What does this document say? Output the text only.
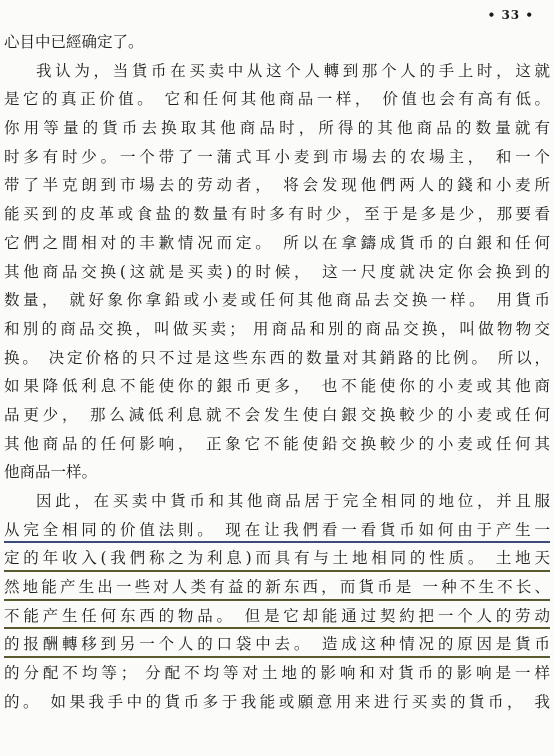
• 33 •
心目中已經确定了。
我认为，当貨币在买卖中从这个人轉到那个人的手上时，这就
是它的真正价值。 它和任何其他商品一样， 价值也会有高有低。
你用等量的貨币去换取其他商品时，所得的其他商品的数量就有
时多有时少。一个带了一蒲式耳小麦到市場去的农場主， 和一个
带了半克朗到市場去的劳动者， 将会发现他們两人的錢和小麦所
能买到的皮革或食盐的数量有时多有时少，至于是多是少，那要看
它們之間相对的丰歉情况而定。 所以在拿鑄成貨币的白銀和任何
其他商品交换(这就是买卖)的时候， 这一尺度就决定你会换到的
数量， 就好象你拿鉛或小麦或任何其他商品去交换一样。 用貨币
和別的商品交换，叫做买卖； 用商品和別的商品交换，叫做物物交
换。 决定价格的只不过是这些东西的数量对其銷路的比例。 所以，
如果降低利息不能使你的銀币更多， 也不能使你的小麦或其他商
品更少， 那么減低利息就不会发生使白銀交换較少的小麦或任何
其他商品的任何影响， 正象它不能使鉛交换較少的小麦或任何其
他商品一样。
因此，在买卖中貨币和其他商品居于完全相同的地位，并且服
从完全相同的价值法則。 现在让我們看一看貨币如何由于产生一
定的年收入(我們称之为利息)而具有与土地相同的性质。 土地天
然地能产生出一些对人类有益的新东西，而貨币是 一种不生不长、
不能产生任何东西的物品。 但是它却能通过契約把一个人的劳动
的报酬轉移到另一个人的口袋中去。 造成这种情况的原因是貨币
的分配不均等； 分配不均等对土地的影响和对貨币的影响是一样
的。 如果我手中的貨币多于我能或願意用来进行买卖的貨币， 我
